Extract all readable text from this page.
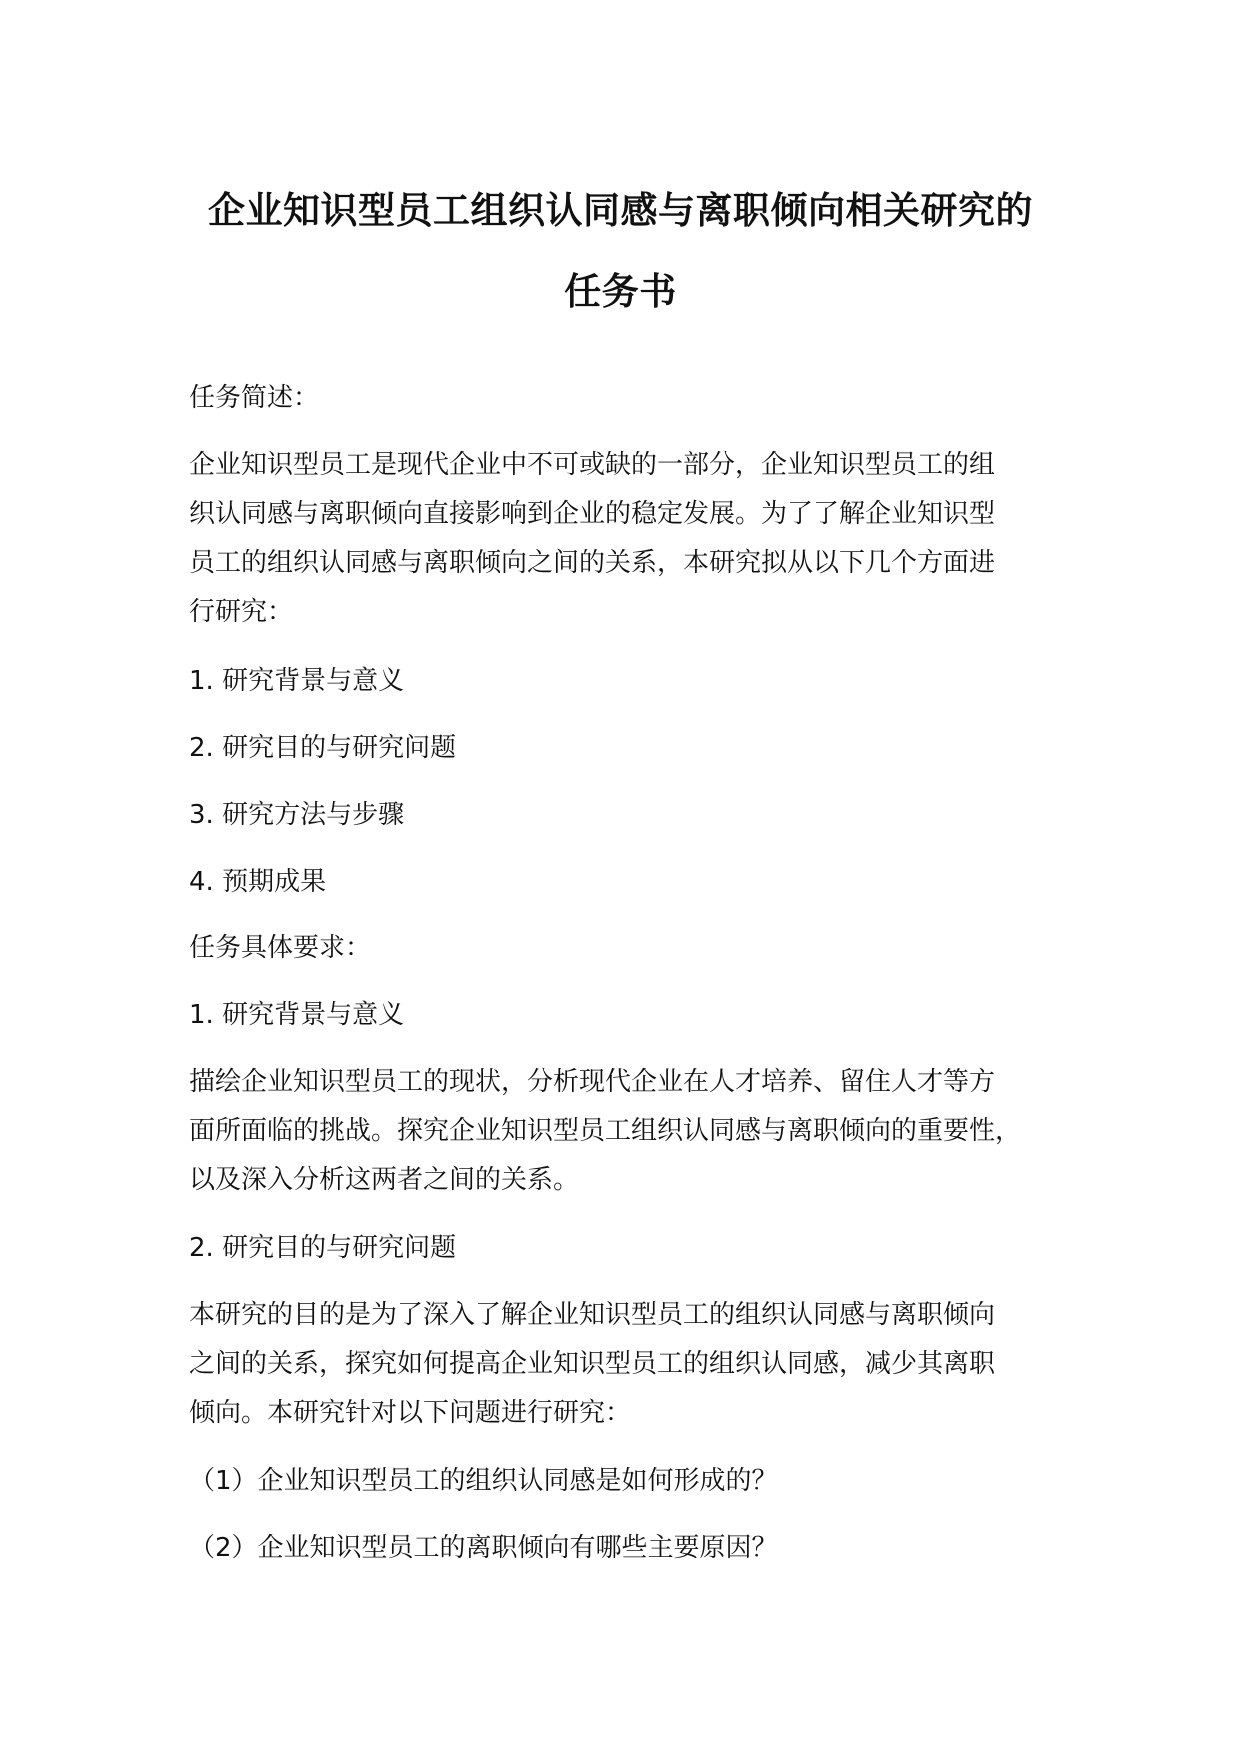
企业知识型员工组织认同感与离职倾向相关研究的
任务书
任务简述：
企业知识型员工是现代企业中不可或缺的一部分，企业知识型员工的组
织认同感与离职倾向直接影响到企业的稳定发展。为了了解企业知识型
员工的组织认同感与离职倾向之间的关系，本研究拟从以下几个方面进
行研究：
1. 研究背景与意义
2. 研究目的与研究问题
3. 研究方法与步骤
4. 预期成果
任务具体要求：
1. 研究背景与意义
描绘企业知识型员工的现状，分析现代企业在人才培养、留住人才等方
面所面临的挑战。探究企业知识型员工组织认同感与离职倾向的重要性，
以及深入分析这两者之间的关系。
2. 研究目的与研究问题
本研究的目的是为了深入了解企业知识型员工的组织认同感与离职倾向
之间的关系，探究如何提高企业知识型员工的组织认同感，减少其离职
倾向。本研究针对以下问题进行研究：
（1）企业知识型员工的组织认同感是如何形成的？
（2）企业知识型员工的离职倾向有哪些主要原因？
